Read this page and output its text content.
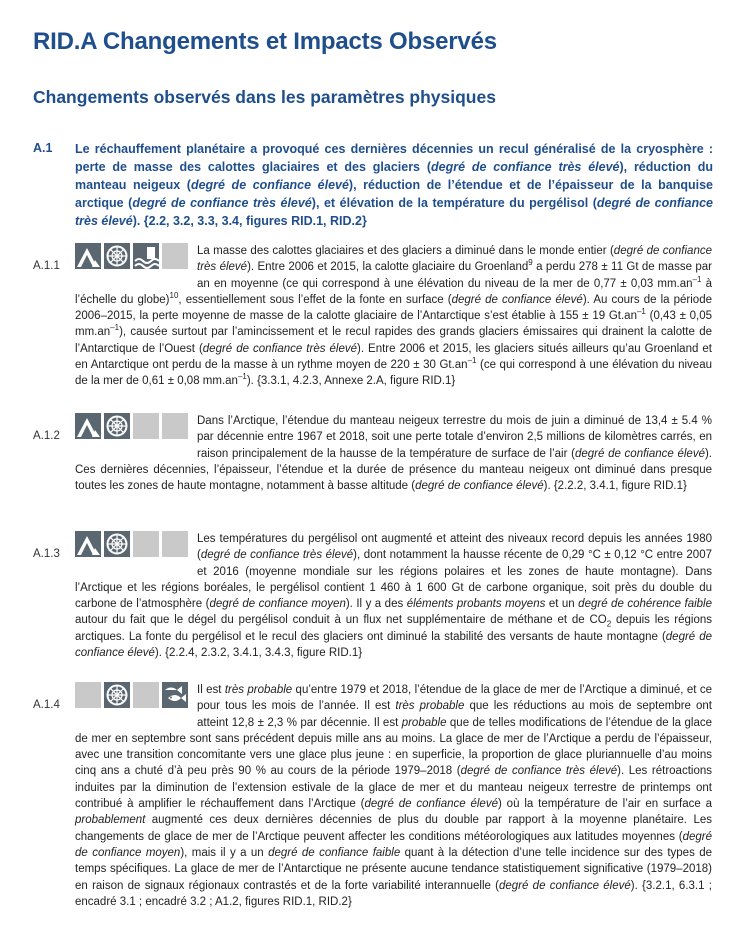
RID.A Changements et Impacts Observés
Changements observés dans les paramètres physiques
A.1 Le réchauffement planétaire a provoqué ces dernières décennies un recul généralisé de la cryosphère : perte de masse des calottes glaciaires et des glaciers (degré de confiance très élevé), réduction du manteau neigeux (degré de confiance élevé), réduction de l’étendue et de l’épaisseur de la banquise arctique (degré de confiance très élevé), et élévation de la température du pergélisol (degré de confiance très élevé). {2.2, 3.2, 3.3, 3.4, figures RID.1, RID.2}

A.1.1

La masse des calottes glaciaires et des glaciers a diminué dans le monde entier (degré de confiance très élevé). Entre 2006 et 2015, la calotte glaciaire du Groenland$^9$ a perdu 278 ± 11 Gt de masse par an en moyenne (ce qui correspond à une élévation du niveau de la mer de 0,77 ± 0,03 $mm.an^{-1}$ à l’échelle du globe)$^{10}$, essentiellement sous l’effet de la fonte en surface (degré de confiance élevé). Au cours de la période 2006–2015, la perte moyenne de masse de la calotte glaciaire de l’Antarctique s’est établie à 155 ± 19 $Gt.an^{-1}$ (0,43 ± 0,05 $mm.an^{-1}$), causée surtout par l’amincissement et le recul rapides des grands glaciers émissaires qui drainent la calotte de l’Antarctique de l’Ouest (degré de confiance très élevé). Entre 2006 et 2015, les glaciers situés ailleurs qu’au Groenland et en Antarctique ont perdu de la masse à un rythme moyen de 220 ± 30 $Gt.an^{-1}$ (ce qui correspond à une élévation du niveau de la mer de 0,61 ± 0,08 $mm.an^{-1}$). {3.3.1, 4.2.3, Annexe 2.A, figure RID.1}

A.1.2

Dans l’Arctique, l’étendue du manteau neigeux terrestre du mois de juin a diminué de 13,4 ± 5.4 % par décennie entre 1967 et 2018, soit une perte totale d’environ 2,5 millions de kilomètres carrés, en raison principalement de la hausse de la température de surface de l’air (degré de confiance élevé). Ces dernières décennies, l’épaisseur, l’étendue et la durée de présence du manteau neigeux ont diminué dans presque toutes les zones de haute montagne, notamment à basse altitude (degré de confiance élevé). {2.2.2, 3.4.1, figure RID.1}

A.1.3

Les températures du pergélisol ont augmenté et atteint des niveaux record depuis les années 1980 (degré de confiance très élevé), dont notamment la hausse récente de 0,29 °C ± 0,12 °C entre 2007 et 2016 (moyenne mondiale sur les régions polaires et les zones de haute montagne). Dans l’Arctique et les régions boréales, le pergélisol contient 1 460 à 1 600 Gt de carbone organique, soit près du double du carbone de l’atmosphère (degré de confiance moyen). Il y a des éléments probants moyens et un degré de cohérence faible autour du fait que le dégel du pergélisol conduit à un flux net supplémentaire de méthane et de $CO_2$ depuis les régions arctiques. La fonte du pergélisol et le recul des glaciers ont diminué la stabilité des versants de haute montagne (degré de confiance élevé). {2.2.4, 2.3.2, 3.4.1, 3.4.3, figure RID.1}

A.1.4

Il est très probable qu’entre 1979 et 2018, l’étendue de la glace de mer de l’Arctique a diminué, et ce pour tous les mois de l’année. Il est très probable que les réductions au mois de septembre ont atteint 12,8 ± 2,3 % par décennie. Il est probable que de telles modifications de l’étendue de la glace de mer en septembre sont sans précédent depuis mille ans au moins. La glace de mer de l’Arctique a perdu de l’épaisseur, avec une transition concomitante vers une glace plus jeune : en superficie, la proportion de glace pluriannuelle d’au moins cinq ans a chuté d’à peu près 90 % au cours de la période 1979–2018 (degré de confiance très élevé). Les rétroactions induites par la diminution de l’extension estivale de la glace de mer et du manteau neigeux terrestre de printemps ont contribué à amplifier le réchauffement dans l’Arctique (degré de confiance élevé) où la température de l’air en surface a probablement augmenté ces deux dernières décennies de plus du double par rapport à la moyenne planétaire. Les changements de glace de mer de l’Arctique peuvent affecter les conditions météorologiques aux latitudes moyennes (degré de confiance moyen), mais il y a un degré de confiance faible quant à la détection d’une telle incidence sur des types de temps spécifiques. La glace de mer de l’Antarctique ne présente aucune tendance statistiquement significative (1979–2018) en raison de signaux régionaux contrastés et de la forte variabilité interannuelle (degré de confiance élevé). {3.2.1, 6.3.1 ; encadré 3.1 ; encadré 3.2 ; A1.2, figures RID.1, RID.2}
